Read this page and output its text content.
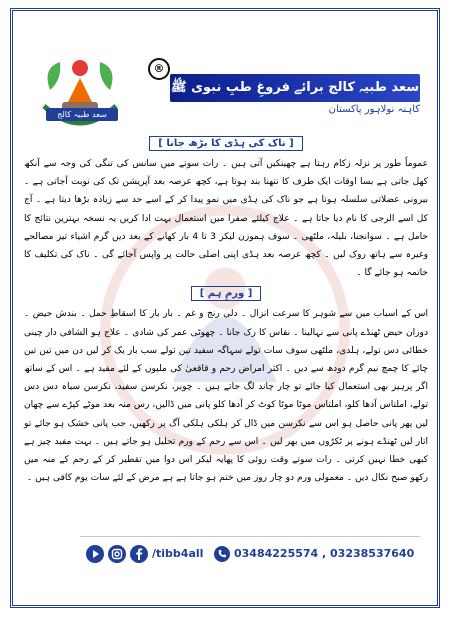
سعد طبیہ کالج
®
سعد طبیہ کالج برائے فروغِ طبِ نبوی ﷺ
کاہنہ نولاہور پاکستان
[ ناک کی ہڈی کا بڑھ جانا ]

عموماً طور پر نزلہ زکام رہتا ہے چھینکیں آتی ہیں ۔ رات سوتے میں سانس کی تنگی کی وجہ سے آنکھ کھل جاتی ہے بسا اوقات ایک طرف کا نتھنا بند ہوتا ہے، کچھ عرصہ بعد آپریشن تک کی نوبت آجاتی ہے ۔ بیرونی عضلاتی سلسلہ ہوتا ہے جو ناک کی ہڈی میں نمو پیدا کر کے اسے حد سے زیادہ بڑھا دیتا ہے ۔ آج کل اسے الرجی کا نام دیا جاتا ہے ۔ علاج کیلئے صفرا میں استعمال بہت ادا کریں یہ نسخہ بہترین نتائج کا حامل ہے ۔ سوانجنا، بلیلہ، ملٹھی ۔ سوف ہموزن لیکر 3 تا 4 بار کھانے کے بعد دیں گرم اشیاء تیز مصالحے وغیرہ سے ہاتھ روک لیں ۔ کچھ عرصہ بعد ہڈی اپنی اصلی حالت پر واپس آجائے گی ۔ ناک کی تکلیف کا خاتمہ ہو جائے گا ۔

[ ورمِ ہم ]

اس کے اسباب میں سے شوہر کا سرعت انزال ۔ دلی رنج و غم ۔ بار بار کا اسقاطِ حمل ۔ بندش حیض ۔ دوران حیض ٹھنڈے پانی سے نہالینا ۔ نفاس کا رک جانا ۔ چھوٹی عمر کی شادی ۔ علاج ہو الشافی دار چینی خطائی دس تولے، ہلدی، ملٹھی سوف سات تولے سہاگہ سفید تین تولے سب بار یک کر لیں دن میں تین تین چائے کا چمچ نیم گرم دودھ سے دیں ۔ اکثر امراض رحم و قاقعیٰ کی ملیوں کے لئے مفید ہے ۔ اس کے ساتھ اگر پرہیز بھی استعمال کیا جائے تو چار چاند لگ جاتے ہیں ۔ چوبر، نکرسن سفید، نکرسن سیاہ دس دس تولے، املتاس آدھا کلو، املتاس موٹا موٹا کوٹ کر آدھا کلو پانی میں ڈالیں، رس منہ بعد موٹے کپڑے سے چھان لیں پھر پانی حاصل ہو اس سے نکرسن میں ڈال کر ہلکی ہلکی آگ پر رکھیں، جب پانی خشک ہو جائے تو اتار لیں ٹھنڈے ہونے پر ٹکڑوں میں بھر لیں ۔ اس سے رحم کے ورم تحلیل ہو جاتے ہیں ۔ بہت مفید چیز ہے کبھی خطا نہیں کرتی ۔ رات سوتے وقت روئی کا پھایہ لیکر اس دوا میں تقطیر کر کے رحم کے منہ میں رکھو صبح نکال دیں ۔ معمولی ورم دو چار روز میں ختم ہو جاتا ہے ہے مرض کے لئے سات یوم کافی ہیں ۔

/tibb4all	03484225574 , 03238537640
